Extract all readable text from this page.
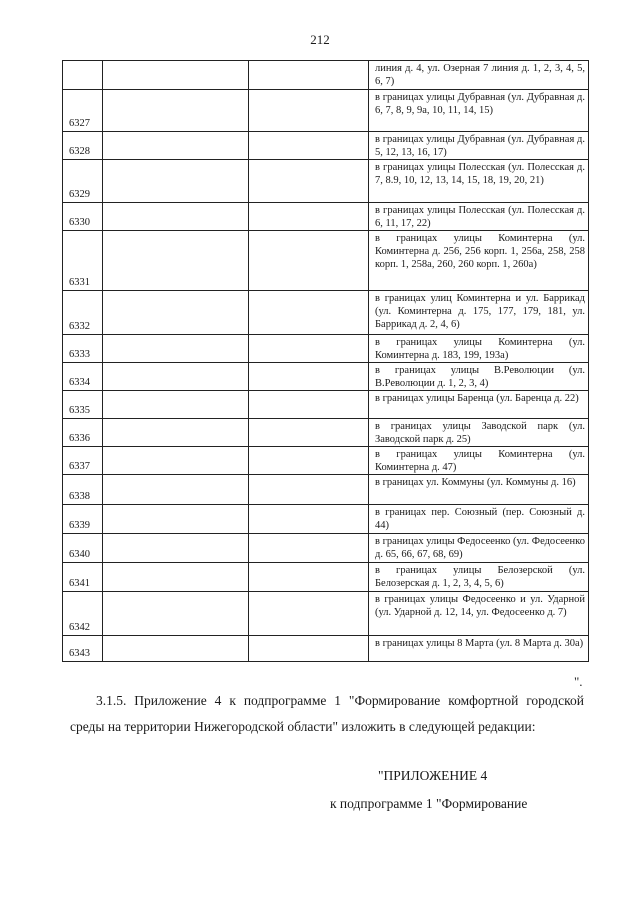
212
			линия д. 4, ул. Озерная 7 линия д. 1, 2, 3, 4, 5, 6, 7)
6327			в границах улицы Дубравная (ул. Дубравная д. 6, 7, 8, 9, 9а, 10, 11, 14, 15)
6328			в границах улицы Дубравная (ул. Дубравная д. 5, 12, 13, 16, 17)
6329			в границах улицы Полесская (ул. Полесская д. 7, 8.9, 10, 12, 13, 14, 15, 18, 19, 20, 21)
6330			в границах улицы Полесская (ул. Полесская д. 6, 11, 17, 22)
6331			в границах улицы Коминтерна (ул. Коминтерна д. 256, 256 корп. 1, 256а, 258, 258 корп. 1, 258а, 260, 260 корп. 1, 260а)
6332			в границах улиц Коминтерна и ул. Баррикад (ул. Коминтерна д. 175, 177, 179, 181, ул. Баррикад д. 2, 4, 6)
6333			в границах улицы Коминтерна (ул. Коминтерна д. 183, 199, 193а)
6334			в границах улицы В.Революции (ул. В.Революции д. 1, 2, 3, 4)
6335			в границах улицы Баренца (ул. Баренца д. 22)
6336			в границах улицы Заводской парк (ул. Заводской парк д. 25)
6337			в границах улицы Коминтерна (ул. Коминтерна д. 47)
6338			в границах ул. Коммуны (ул. Коммуны д. 16)
6339			в границах пер. Союзный (пер. Союзный д. 44)
6340			в границах улицы Федосеенко (ул. Федосеенко д. 65, 66, 67, 68, 69)
6341			в границах улицы Белозерской (ул. Белозерская д. 1, 2, 3, 4, 5, 6)
6342			в границах улицы Федосеенко и ул. Ударной (ул. Ударной д. 12, 14, ул. Федосеенко д. 7)
6343			в границах улицы 8 Марта (ул. 8 Марта д. 30а)
".
3.1.5. Приложение 4 к подпрограмме 1 "Формирование комфортной городской среды на территории Нижегородской области" изложить в следующей редакции:
"ПРИЛОЖЕНИЕ 4
к подпрограмме 1 "Формирование
